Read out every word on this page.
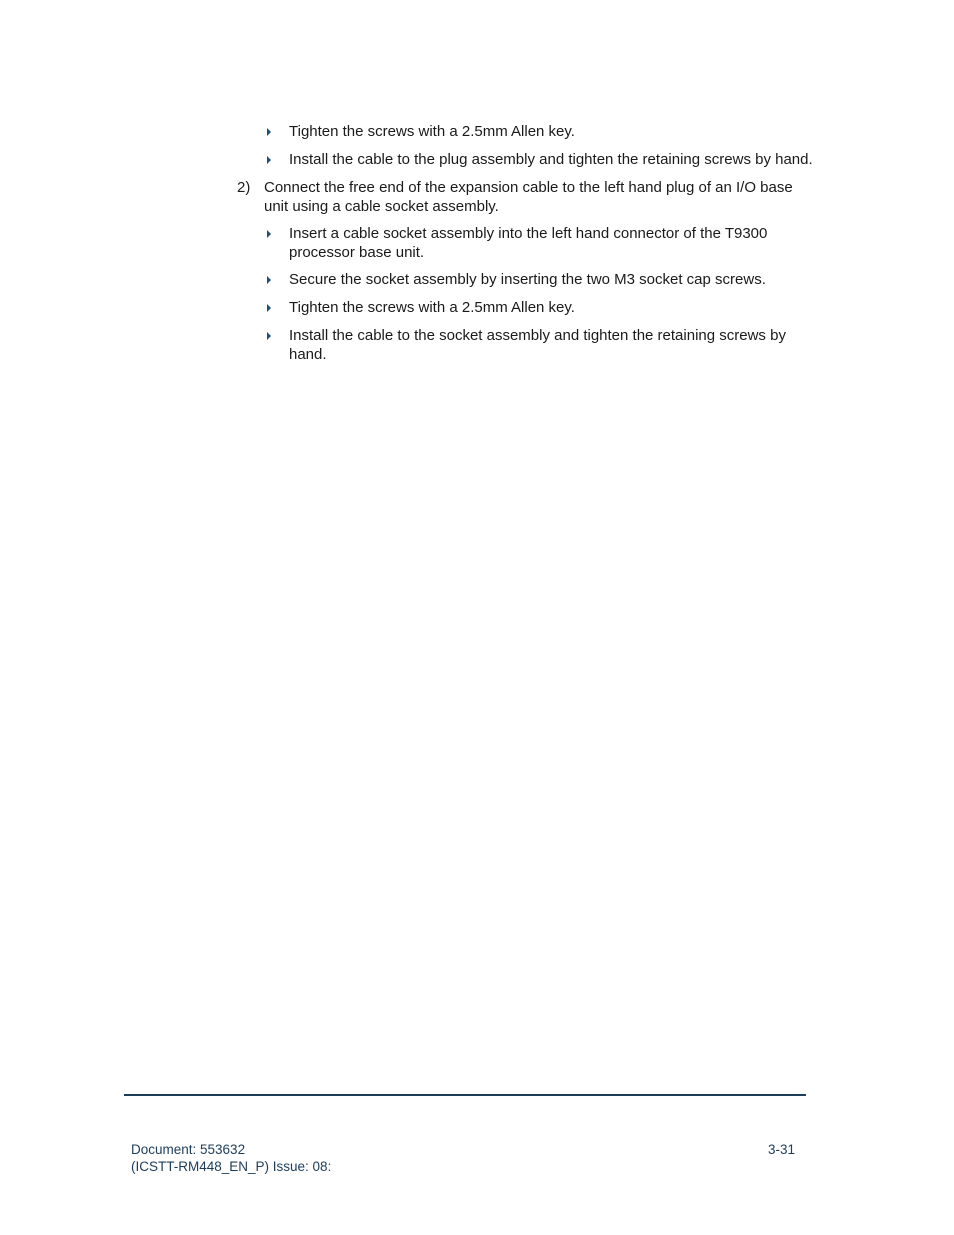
Tighten the screws with a 2.5mm Allen key.
Install the cable to the plug assembly and tighten the retaining screws by hand.
2) Connect the free end of the expansion cable to the left hand plug of an I/O base unit using a cable socket assembly.
Insert a cable socket assembly into the left hand connector of the T9300 processor base unit.
Secure the socket assembly by inserting the two M3 socket cap screws.
Tighten the screws with a 2.5mm Allen key.
Install the cable to the socket assembly and tighten the retaining screws by hand.
Document: 553632
(ICSTT-RM448_EN_P) Issue: 08:
3-31
